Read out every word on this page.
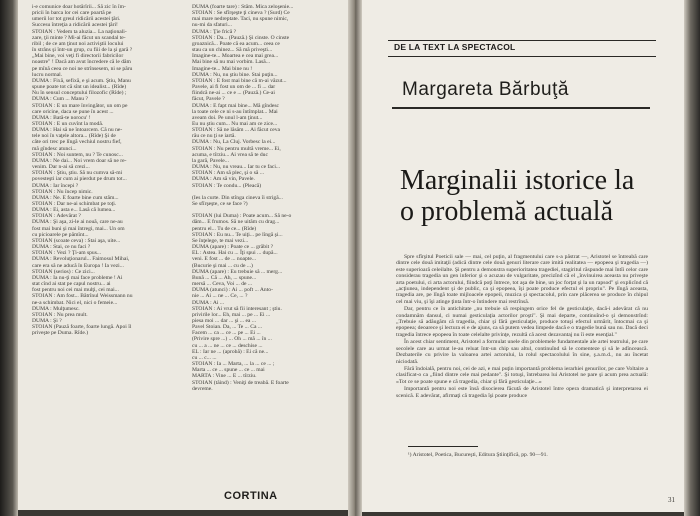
i-e comunice doar hotărîrii... Să zic în îm-

pricii în barca lor cei care poartă pe

umerii lor tot greul ridicării acestei ţări.

Succesu întreţia a ridicării acestei ţări!

STOIAN : Vedem ta aluzia... La naţionali-

zare, ţii minte ? Mi-ai făcut un scandal te-

ribil ; de ce am ţinut noi activiştii locului

în strâns şi într-un grup, cu fiii de la şi gară ?

„Mai bine, voi veţi fi directorii fabricilor

noastre" ! Dacă am avut încredere că le dăm

pe mînă ceea ce noi ne strînsesem, ni se păru

lucru normal.

DUMA : Fixă, sefixă, e şi acum. Ştiu, Manu

spune poate tot că sînt un idealist... (Rîde)

Nu în sensul conceptului filozofic (Rîde) ;

DUMA : Cum ... Manu ?

STOIAN : E un mare învingător, un om pe

care oricine, daca se pune în acest ...

DUMA : Bată-te norocu' !

STOIAN : E un cuvînt la modă.

DUMA : Hai să ne întoarcem. Că nu ne-

tele noi în vaţele altora... (Rîde) Şi de

câte ori trec pe lîngă vechiul nostru fief,

mă gîndesc atunci...

STOIAN : Noi suntem, nu ? Te cunosc...

DUMA : Ne dai... Noi vrem doar să ne re-

venim. Dar n-ai să crezi...

STOIAN : Ştiu, ştiu. Să nu cumva să-mi

povesteşti iar cum ai pierdut pe drum tot...

DUMA : Iar începi ?

STOIAN : Nu încep nimic.

DUMA : Ne. E foarte bine cum stăm...

STOIAN : Dar ne-ai schimbat pe toţi.

DUMA : Ei, asta e... Lasă că lumea...

STOIAN : Adevărat ?

DUMA : Şi aşa, zi-le ai nouă, care ne-au

fost mai buni şi mai întregi, mai... Un om

cu picioarele pe pămînt...

STOIAN (scoate ceva) : Stai aşa, uite...

DUMA : Stai, ce nu faci ?

STOIAN : Vezi ? Ţi-am spus...

DUMA : Revoluţionarul... Faimosul Mihai,

care era să ne aducă în Europa ! Ia vezi...

STOIAN (serios) : Ce zici...

DUMA : Ia nu-ţi mai face probleme ! Ai

stat cînd ai stat pe capul nostru... ai

fost pentru noi cei mai mulţi, cei mai...

STOIAN : Am fost... Bătrînul Weissmann nu

ne-a schimbat. Nici el, nici o femeie...

DUMA : Mulţumesc.

STOIAN : Nu prea mult.

DUMA : Şi ?

STOIAN (Pauză foarte, foarte lungă. Apoi îl

priveşte pe Duma. Rîde.)

DUMA (foarte tare) : Stăm. Mica zeloşenie...

STOIAN : Se sfîrşeşte ţi cineva ? (Surd) Ce

mai mare nedreptate. Taci, nu spune nimic,

nu-mi da sfaturi...

DUMA : Ţie frică ?

STOIAN : Da... (Pauză.) Şi cinste. O cinste

groaznică... Poate că ea acum... ceea ce

stau ca un chinez... Să mă priveşti...

Imagine-te... Moartea e cea mai grea...

Mai bine să nu mai vorbim. Lasă...

Imagine-te... Mai bine nu !

DUMA : Nu, nu ştiu bine. Stai puţin...

STOIAN : E fost mai bine că m-ai văzut...

Pavele, ai fi fost un om de ... fi ... dar

fiindcă ne-ai ... ce e ... (Pauză.) Ce-ai

făcut, Pavele ?

DUMA : E fapt mai bine... Mă gîndesc

la toate cele ce ni s-au întîmplat... Mai

aveam doi. Pe unul l-am ţinut...

Eu nu ştiu cum... Nu mai am ce zice...

STOIAN : Să ne lăsăm ... Ai făcut ceva

rău ce nu ţi se iartă.

DUMA : Nu, La Cluj. Vorbesc la ei...

STOIAN : Nu pentru multă vreme... Ei,

acuma, e tîrziu... Ai vrea să te duc

la gară, Pavele...

DUMA : Nu, nu vreau... Iar tu ce faci...

STOIAN : Am să plec, şi o să ...

DUMA : Am să vin, Pavele.

STOIAN : Te condu... (Pleacă)

(Ies la curte. Din stînga cineva îi strigă...

Se sfîrşeşte, ce se face ?)

STOIAN (lui Duma) : Poate acum... Să ne-o

dăm... E frumos. Să ne uităm cu drag...

pentru el... Tu de ce... (Rîde)

STOIAN : Eu nu... Te uiţi... pe lîngă şi...

Se înţelege, te mai vezi...

DUMA (apare) : Poate ce ... grăbit ?

EL : Astea. Hai cu ... Îţi spui ... după...

veni. E fost ... de ... noapte...

(Bucurie şi mai ... cu de ...)

DUMA (apare) : Eu trebuie să ... merg...

Bună ... Că ... Ah, ... spune...

mersă ... Ceva, Voi ... de ...

DUMA (atunci) : Ai ... poft ... Anto-

nie ... Ai ... ne ... Ce, ... ?

DUMA : Ai ...

STOIAN : Ai vrut să fii interesant ; ştiu.

privirile lor... Eh, mai ... pe ... Ei ...

piesa moi ... dar ... şi ... ea ...

Pavel Stoian. Da, ... Te ... Ca ...

Facem ... ca ... ce ... pe ... Ei ...

(Privire spre ...) ... Oh ... mă ... în ...

cu ... a ... ne ... ce ... deschise ...

EL : Iar ne ... (aprobă) : Ei că ne...

cu ... c... ...

STOIAN : Ia ... Marta, ... la ... ce ... ;

Marta ... ce ... spune ... ce ... mai

MARTA : Vine ... E ... tîrziu.

STOIAN (tăind) : Veniţi de treabă. E foarte

devreme.

CORTINA
DE LA TEXT LA SPECTACOL
Margareta Bărbuţă
Marginalii istorice la o problemă actuală

Spre sfîrşitul Poeticii sale — mai, cel puţin, al fragmentului care s-a păstrat —, Aristotel se întreabă care dintre cele două imitaţii (adică dintre cele două genuri literare care imită realitatea — epopeea şi tragedia —) este superioară celeilalte. Şi pentru a demonstra superioritatea tragediei, stagiritul răspunde mai întîi celor care considerau tragedia un gen inferior şi o acuzau de vulgaritate, precizînd că el „învinuirea aceasta nu priveşte arta poetului, ci arta actorului, fiindcă poţi întrece, tot aşa de bine, un joc forţat şi la un rapsod" şi explicînd că „acţiunea, independent şi de public, ca şi epopeea, îşi poate produce efectul ei propriu". Pe lîngă aceasta, tragedia are, pe lîngă toate mijloacele epopeii, muzica şi spectacolul, prin care plăcerea se produce în chipul cel mai viu, şi îşi atinge ţinta într-o întindere mai restrînsă.

Dar, pentru ce în antichitate „nu trebuie să respingem orice fel de gesticulaţie, dacă-i adevărat că nu condamnăm dansul, ci numai gesticulaţia actorilor proşti". Şi mai departe, continuînd-o şi demonstrînd: „Trebuie să adăugăm că tragedia, chiar şi fără gesticulaţie, produce totuşi efectul urmărit, întocmai ca şi epopeea; deoarece şi lectura ei e de ajuns, ca să putem vedea limpede dacă e o tragedie bună sau nu. Dacă deci tragedia întrece epopeea în toate celelalte privinţe, rezultă că acest dezavantaj nu îi este esenţial."

În acest chiar sentiment, Aristotel a formulat unele din problemele fundamentale ale artei teatrului, pe care secolele care au urmat le-au reluat într-un chip sau altul, continuînd să le comenteze şi să le adîncească. Dezbaterile cu privire la valoarea artei actorului, la rolul spectacolului în sine, ş.a.m.d., nu au încetat niciodată.

Fără îndoială, pentru noi, cei de azi, e mai puţin importantă problema ierarhiei genurilor, pe care Voltaire a clasificat-o ca „fiind dintre cele mai pedante". Şi totuşi, întrebarea lui Aristotel ne pare şi acum prea actuală: «Tot ce se poate spune e că tragedia, chiar şi fără gesticulaţie...»

Importantă pentru noi este însă disocierea făcută de Aristotel între opera dramatică şi interpretarea ei scenică. E adevărat, afirmaţi că tragedia îşi poate produce

¹) Aristotel, Poetica, Bucureşti, Editura Ştiinţifică, pp. 90—91.
31
